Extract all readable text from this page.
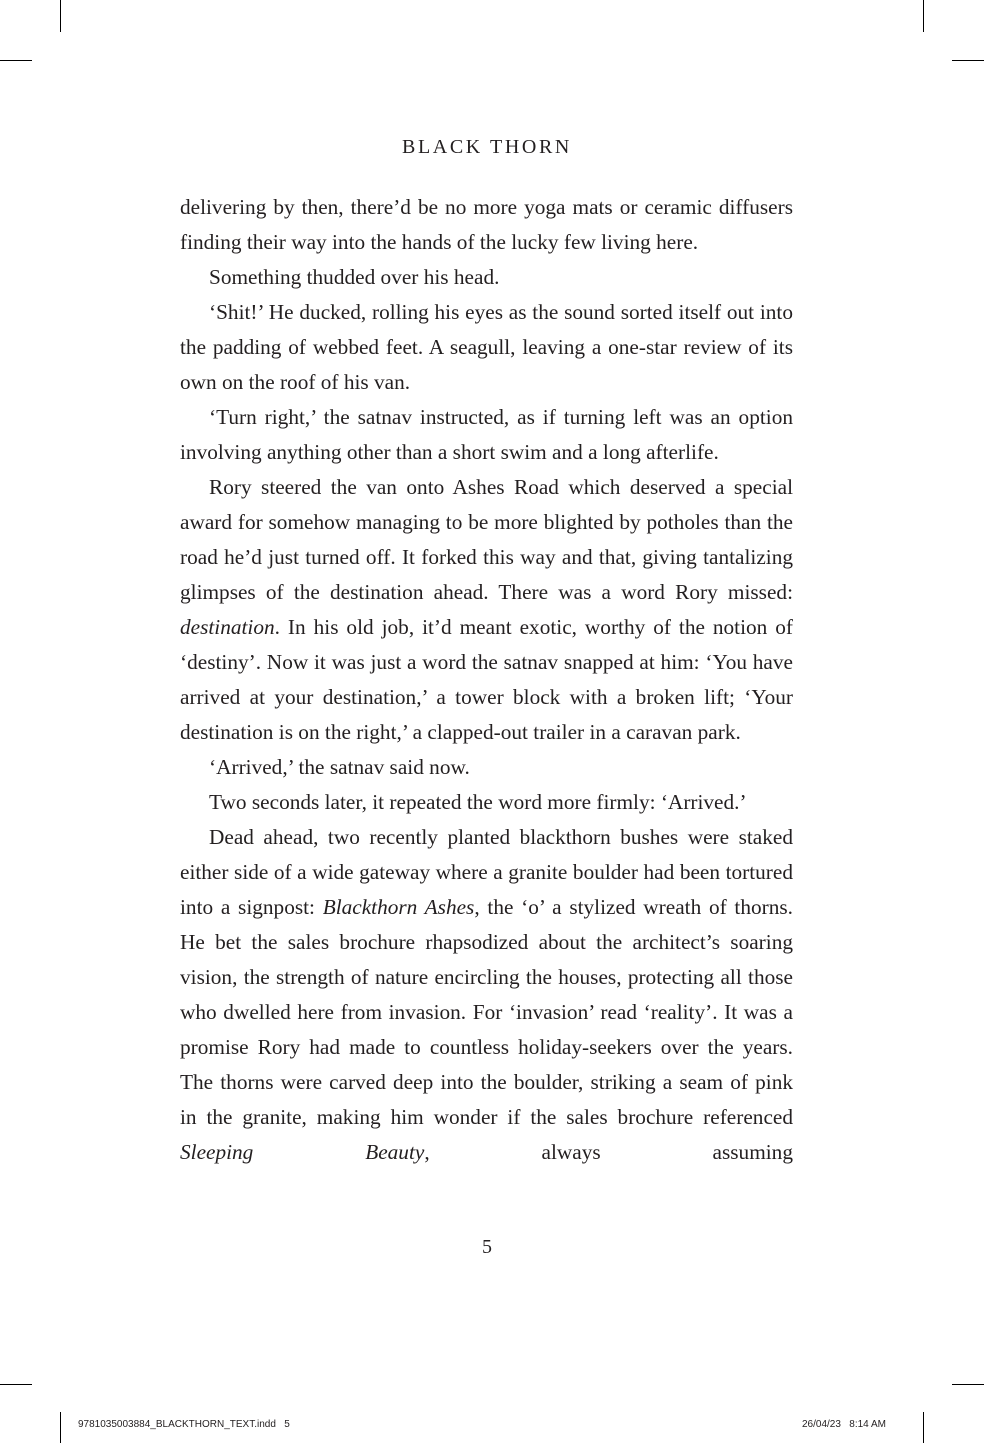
BLACK THORN

delivering by then, there’d be no more yoga mats or ceramic diffusers finding their way into the hands of the lucky few living here.

Something thudded over his head.

‘Shit!’ He ducked, rolling his eyes as the sound sorted itself out into the padding of webbed feet. A seagull, leaving a one-star review of its own on the roof of his van.

‘Turn right,’ the satnav instructed, as if turning left was an option involving anything other than a short swim and a long afterlife.

Rory steered the van onto Ashes Road which deserved a special award for somehow managing to be more blighted by potholes than the road he’d just turned off. It forked this way and that, giving tantalizing glimpses of the destination ahead. There was a word Rory missed: destination. In his old job, it’d meant exotic, worthy of the notion of ‘destiny’. Now it was just a word the satnav snapped at him: ‘You have arrived at your destination,’ a tower block with a broken lift; ‘Your destination is on the right,’ a clapped-out trailer in a caravan park.

‘Arrived,’ the satnav said now.

Two seconds later, it repeated the word more firmly: ‘Arrived.’

Dead ahead, two recently planted blackthorn bushes were staked either side of a wide gateway where a granite boulder had been tortured into a signpost: Blackthorn Ashes, the ‘o’ a stylized wreath of thorns. He bet the sales brochure rhapsodized about the architect’s soaring vision, the strength of nature encircling the houses, protecting all those who dwelled here from invasion. For ‘invasion’ read ‘reality’. It was a promise Rory had made to countless holiday-seekers over the years. The thorns were carved deep into the boulder, striking a seam of pink in the granite, making him wonder if the sales brochure referenced Sleeping Beauty, always assuming

5
9781035003884_BLACKTHORN_TEXT.indd   5	26/04/23   8:14 AM
